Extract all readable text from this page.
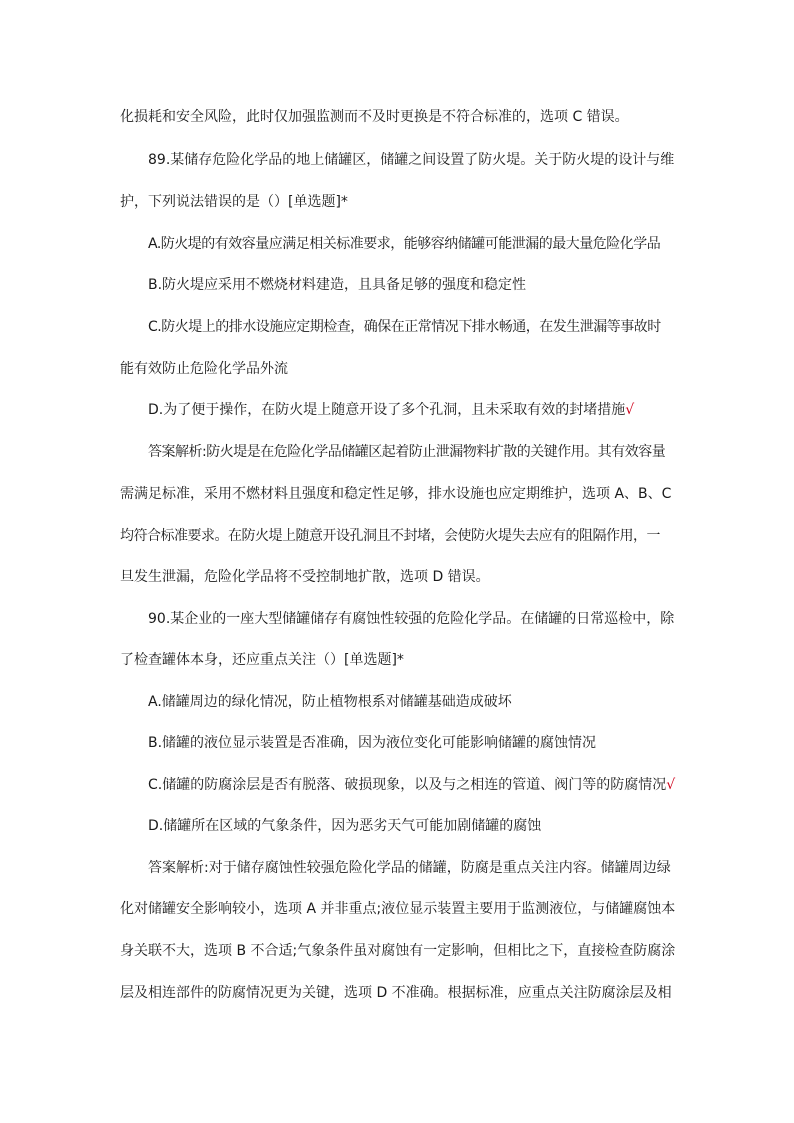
化损耗和安全风险，此时仅加强监测而不及时更换是不符合标准的，选项 C 错误。
89.某储存危险化学品的地上储罐区，储罐之间设置了防火堤。关于防火堤的设计与维
护，下列说法错误的是（）[单选题]*
A.防火堤的有效容量应满足相关标准要求，能够容纳储罐可能泄漏的最大量危险化学品
B.防火堤应采用不燃烧材料建造，且具备足够的强度和稳定性
C.防火堤上的排水设施应定期检查，确保在正常情况下排水畅通，在发生泄漏等事故时
能有效防止危险化学品外流
D.为了便于操作，在防火堤上随意开设了多个孔洞，且未采取有效的封堵措施√
答案解析:防火堤是在危险化学品储罐区起着防止泄漏物料扩散的关键作用。其有效容量
需满足标准，采用不燃材料且强度和稳定性足够，排水设施也应定期维护，选项 A、B、C
均符合标准要求。在防火堤上随意开设孔洞且不封堵，会使防火堤失去应有的阻隔作用，一
旦发生泄漏，危险化学品将不受控制地扩散，选项 D 错误。
90.某企业的一座大型储罐储存有腐蚀性较强的危险化学品。在储罐的日常巡检中，除
了检查罐体本身，还应重点关注（）[单选题]*
A.储罐周边的绿化情况，防止植物根系对储罐基础造成破坏
B.储罐的液位显示装置是否准确，因为液位变化可能影响储罐的腐蚀情况
C.储罐的防腐涂层是否有脱落、破损现象，以及与之相连的管道、阀门等的防腐情况√
D.储罐所在区域的气象条件，因为恶劣天气可能加剧储罐的腐蚀
答案解析:对于储存腐蚀性较强危险化学品的储罐，防腐是重点关注内容。储罐周边绿
化对储罐安全影响较小，选项 A 并非重点;液位显示装置主要用于监测液位，与储罐腐蚀本
身关联不大，选项 B 不合适;气象条件虽对腐蚀有一定影响，但相比之下，直接检查防腐涂
层及相连部件的防腐情况更为关键，选项 D 不准确。根据标准，应重点关注防腐涂层及相
